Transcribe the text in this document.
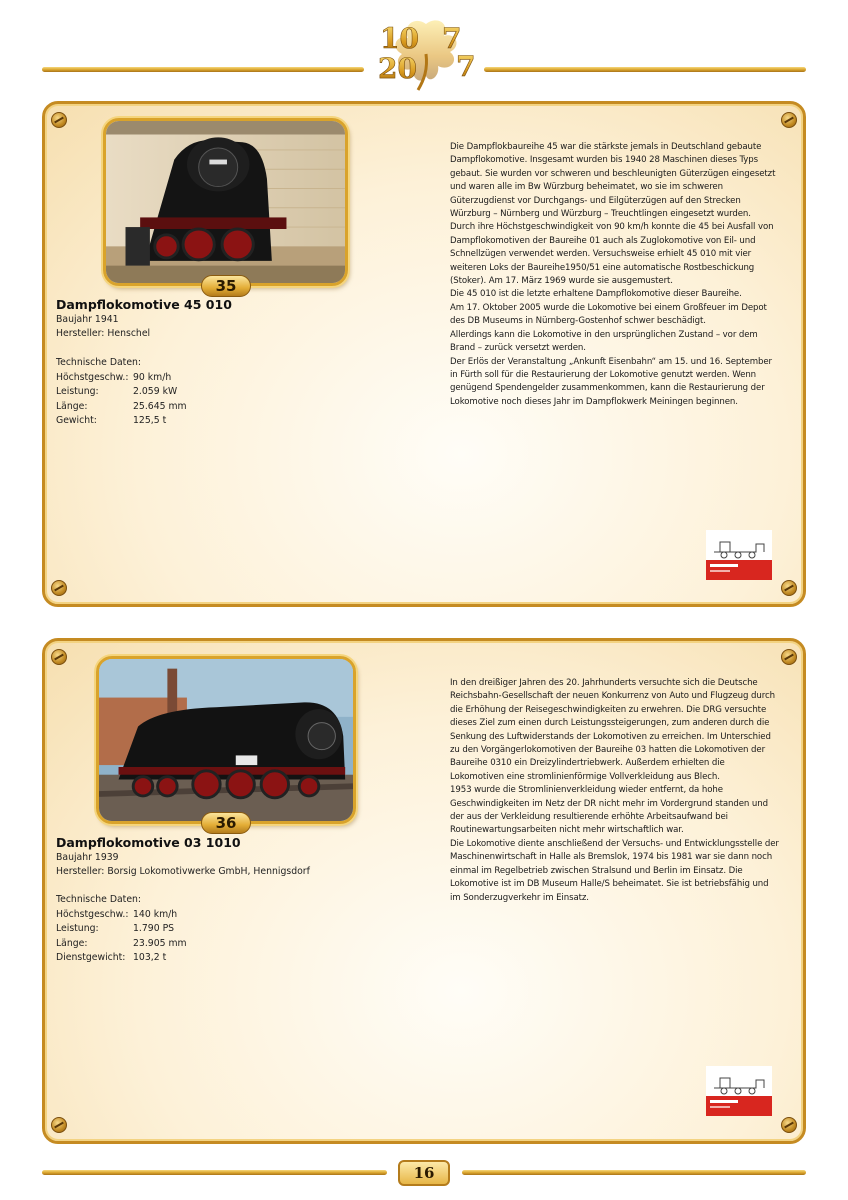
10
20
7
7
35
Dampflokomotive 45 010
Baujahr 1941
Hersteller: Henschel
Technische Daten:
Höchstgeschw.: 90 km/h
Leistung:	2.059 kW
Länge:	25.645 mm
Gewicht:	125,5 t

Die Dampflokbaureihe 45 war die stärkste jemals in Deutschland gebaute Dampflokomotive. Insgesamt wurden bis 1940 28 Maschinen dieses Typs gebaut. Sie wurden vor schweren und beschleunigten Güterzügen eingesetzt und waren alle im Bw Würzburg beheimatet, wo sie im schweren Güterzugdienst vor Durchgangs- und Eilgüterzügen auf den Strecken Würzburg – Nürnberg und Würzburg – Treuchtlingen eingesetzt wurden.

Durch ihre Höchstgeschwindigkeit von 90 km/h konnte die 45 bei Ausfall von Dampflokomotiven der Baureihe 01 auch als Zuglokomotive von Eil- und Schnellzügen verwendet werden. Versuchsweise erhielt 45 010 mit vier weiteren Loks der Baureihe1950/51 eine automatische Rostbeschickung (Stoker). Am 17. März 1969 wurde sie ausgemustert.

Die 45 010 ist die letzte erhaltene Dampflokomotive dieser Baureihe.

Am 17. Oktober 2005 wurde die Lokomotive bei einem Großfeuer im Depot des DB Museums in Nürnberg-Gostenhof schwer beschädigt.

Allerdings kann die Lokomotive in den ursprünglichen Zustand – vor dem Brand – zurück versetzt werden.

Der Erlös der Veranstaltung „Ankunft Eisenbahn“ am 15. und 16. September in Fürth soll für die Restaurierung der Lokomotive genutzt werden. Wenn genügend Spendengelder zusammenkommen, kann die Restaurierung der Lokomotive noch dieses Jahr im Dampflokwerk Meiningen beginnen.

36
Dampflokomotive 03 1010
Baujahr 1939
Hersteller: Borsig Lokomotivwerke GmbH, Hennigsdorf
Technische Daten:
Höchstgeschw.: 140 km/h
Leistung:	1.790 PS
Länge:	23.905 mm
Dienstgewicht: 103,2 t

In den dreißiger Jahren des 20. Jahrhunderts versuchte sich die Deutsche Reichsbahn-Gesellschaft der neuen Konkurrenz von Auto und Flugzeug durch die Erhöhung der Reisegeschwindigkeiten zu erwehren. Die DRG versuchte dieses Ziel zum einen durch Leistungssteigerungen, zum anderen durch die Senkung des Luftwiderstands der Lokomotiven zu erreichen. Im Unterschied zu den Vorgängerlokomotiven der Baureihe 03 hatten die Lokomotiven der Baureihe 0310 ein Dreizylindertriebwerk. Außerdem erhielten die Lokomotiven eine stromlinienförmige Vollverkleidung aus Blech.

1953 wurde die Stromlinienverkleidung wieder entfernt, da hohe Geschwindigkeiten im Netz der DR nicht mehr im Vordergrund standen und der aus der Verkleidung resultierende erhöhte Arbeitsaufwand bei Routinewartungsarbeiten nicht mehr wirtschaftlich war.

Die Lokomotive diente anschließend der Versuchs- und Entwicklungsstelle der Maschinenwirtschaft in Halle als Bremslok, 1974 bis 1981 war sie dann noch einmal im Regelbetrieb zwischen Stralsund und Berlin im Einsatz. Die Lokomotive ist im DB Museum Halle/S beheimatet. Sie ist betriebsfähig und im Sonderzugverkehr im Einsatz.

16
